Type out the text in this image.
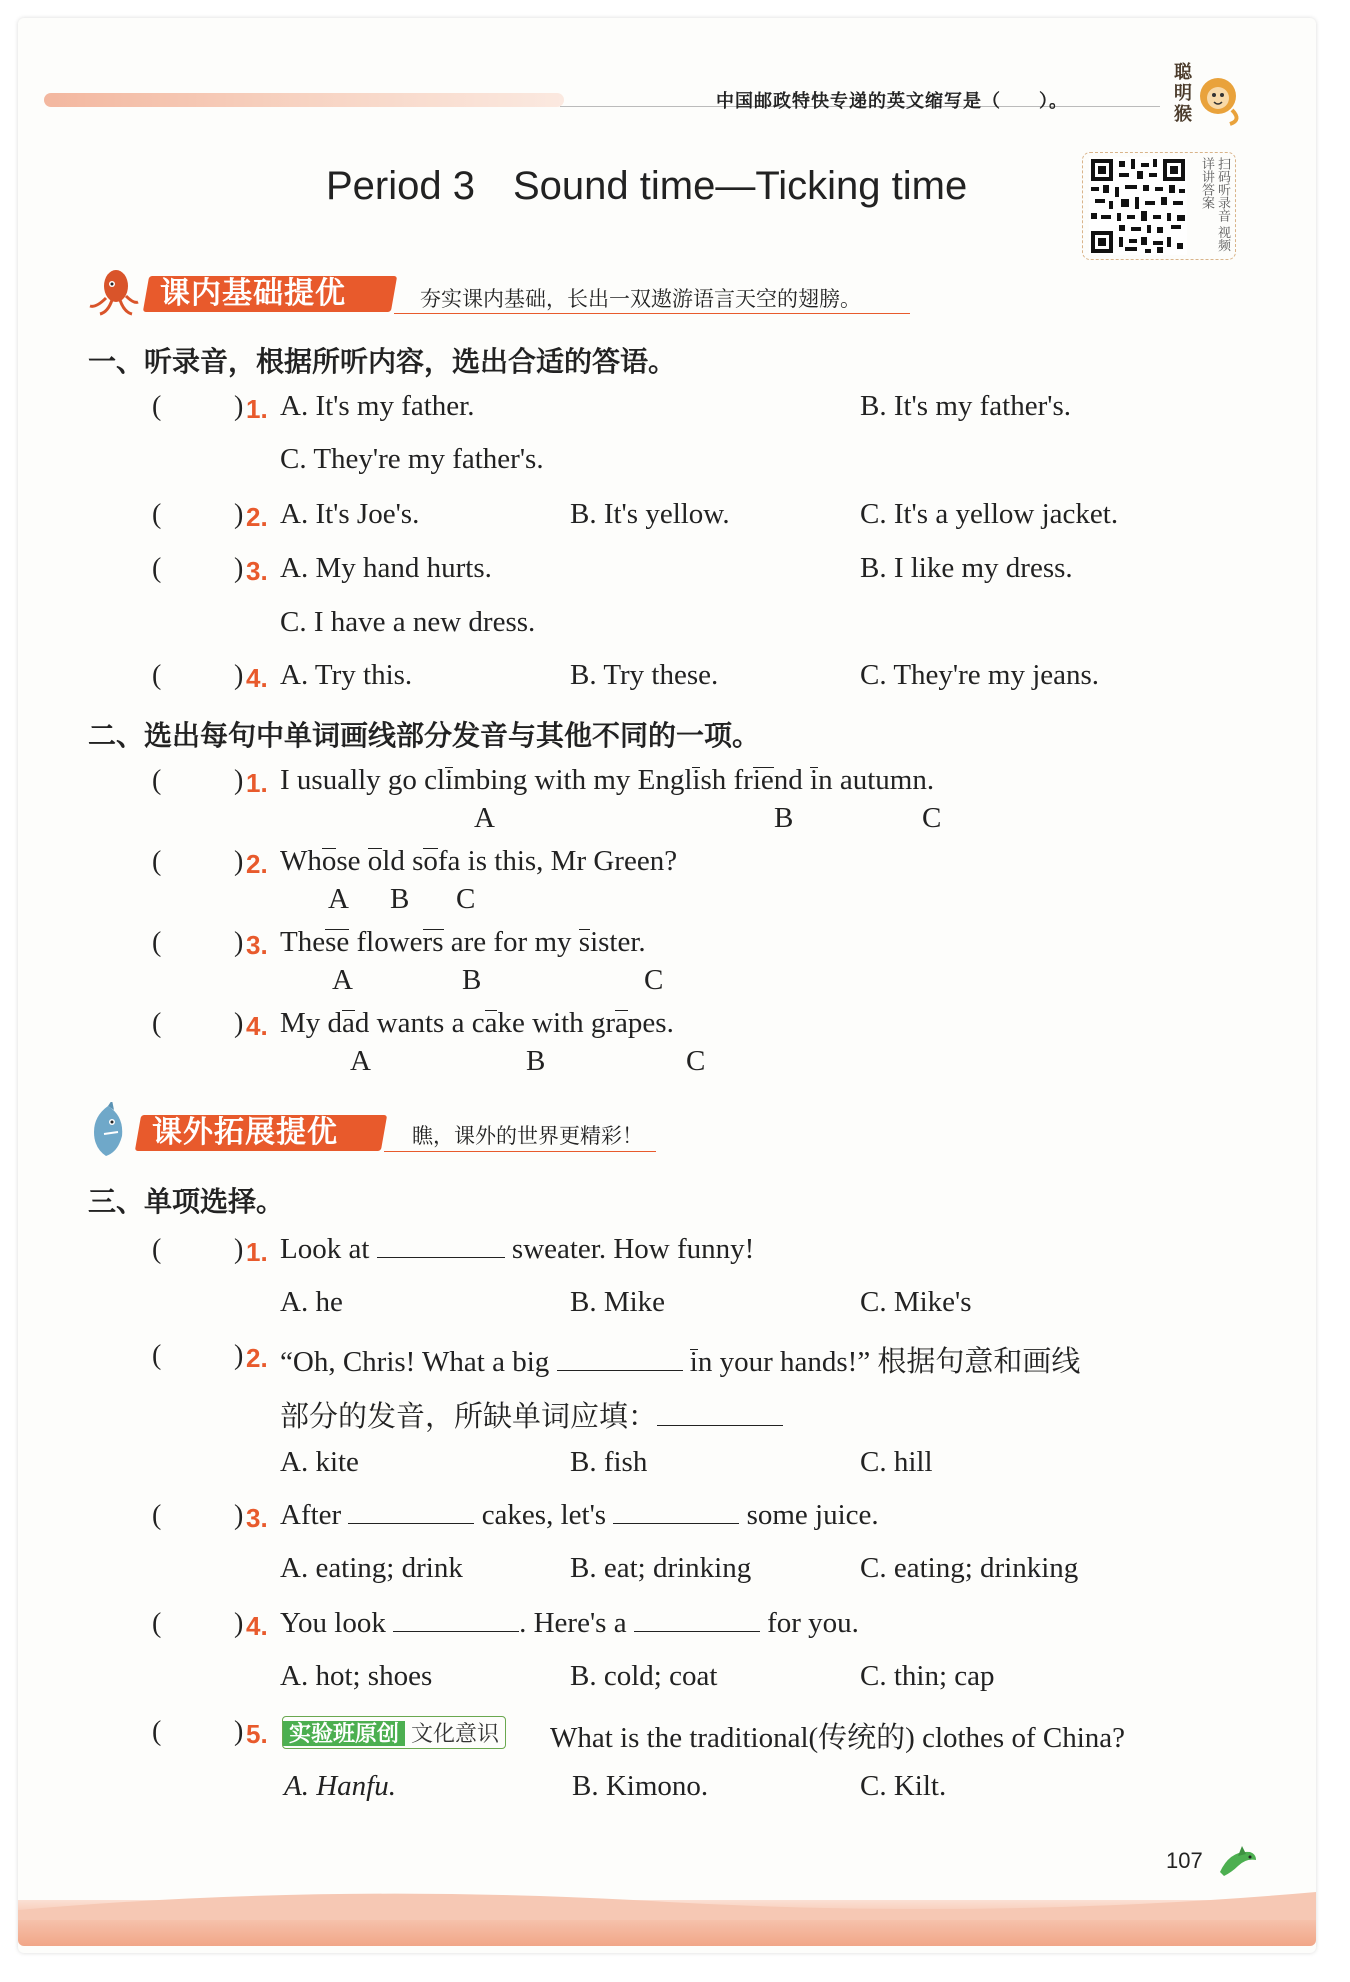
中国邮政特快专递的英文缩写是（　　）。
聪明猴
Period 3 Sound time—Ticking time	扫码听录音 视频详讲答案
课内基础提优	夯实课内基础，长出一双遨游语言天空的翅膀。
一、听录音，根据所听内容，选出合适的答语。
(	) 1. A. It's my father.	B. It's my father's.
C. They're my father's.
(	) 2. A. It's Joe's.	B. It's yellow.	C. It's a yellow jacket.
(	) 3. A. My hand hurts.	B. I like my dress.
C. I have a new dress.
(	) 4. A. Try this.	B. Try these.	C. They're my jeans.
二、选出每句中单词画线部分发音与其他不同的一项。
(	) 1. I usually go climbing with my English friend in autumn.
A	B	C
(	) 2. Whose old sofa is this, Mr Green?
A B C
(	) 3. These flowers are for my sister.
A	B	C
(	) 4. My dad wants a cake with grapes.
A	B	C
课外拓展提优	瞧，课外的世界更精彩！
三、单项选择。
(	) 1. Look at	sweater. How funny!
A. he	B. Mike	C. Mike's
(	) 2. “Oh, Chris! What a big	in your hands!” 根据句意和画线
部分的发音，所缺单词应填：
A. kite	B. fish	C. hill
(	) 3. After	cakes, let's	some juice.
A. eating; drink	B. eat; drinking	C. eating; drinking
(	) 4. You look	. Here's a	for you.
A. hot; shoes	B. cold; coat	C. thin; cap
(	) 5. 实验班原创 文化意识 What is the traditional(传统的) clothes of China?
A. Hanfu.	B. Kimono.	C. Kilt.
107
